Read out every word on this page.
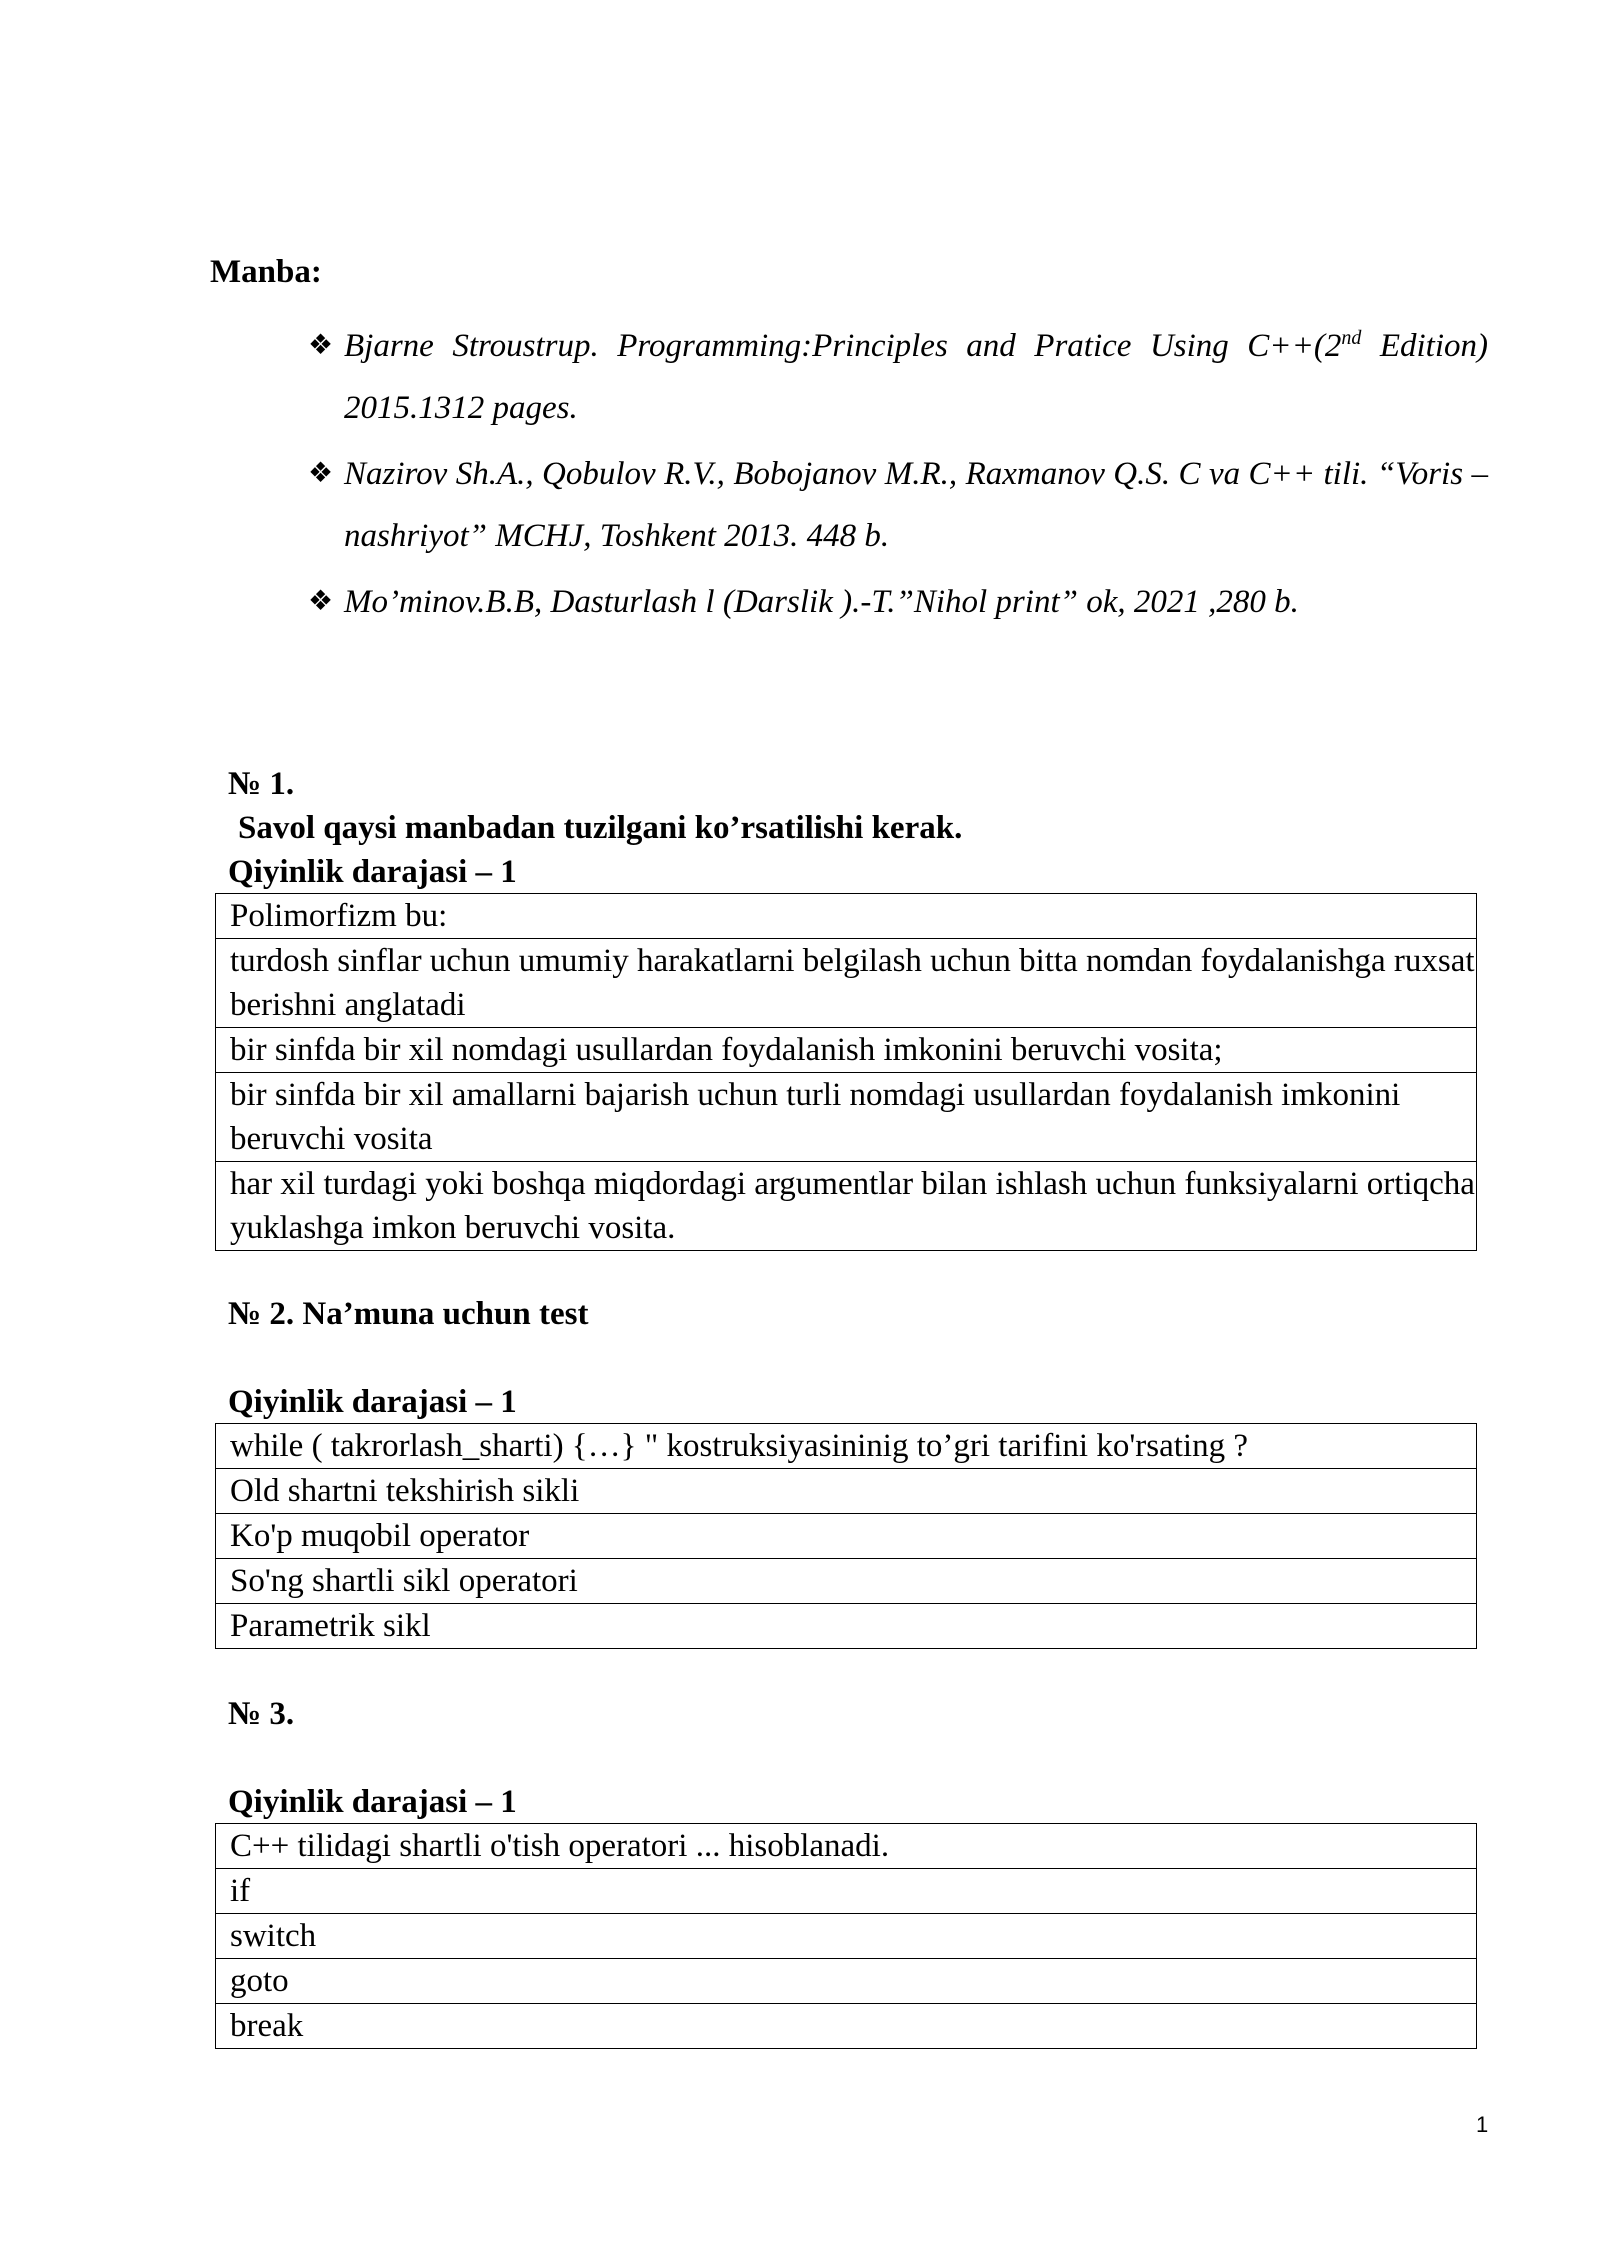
Manba:
❖ Bjarne Stroustrup. Programming:Principles and Pratice Using C++(2nd Edition) 2015.1312 pages.
❖ Nazirov Sh.A., Qobulov R.V., Bobojanov M.R., Raxmanov Q.S. C va C++ tili. “Voris – nashriyot” MCHJ, Toshkent 2013. 448 b.
❖ Mo’minov.B.B, Dasturlash l (Darslik ).-T.”Nihol print” ok, 2021 ,280 b.
№ 1.
Savol qaysi manbadan tuzilgani ko’rsatilishi kerak.
Qiyinlik darajasi – 1
Polimorfizm bu:
turdosh sinflar uchun umumiy harakatlarni belgilash uchun bitta nomdan foydalanishga ruxsat berishni anglatadi
bir sinfda bir xil nomdagi usullardan foydalanish imkonini beruvchi vosita;
bir sinfda bir xil amallarni bajarish uchun turli nomdagi usullardan foydalanish imkonini beruvchi vosita
har xil turdagi yoki boshqa miqdordagi argumentlar bilan ishlash uchun funksiyalarni ortiqcha yuklashga imkon beruvchi vosita.
№ 2. Na’muna uchun test
Qiyinlik darajasi – 1
while ( takrorlash_sharti) {…} " kostruksiyasininig to’gri tarifini ko'rsating ?
Old shartni tekshirish sikli
Ko'p muqobil operator
So'ng shartli sikl operatori
Parametrik sikl
№ 3.
Qiyinlik darajasi – 1
C++ tilidagi shartli o'tish operatori ... hisoblanadi.
if
switch
goto
break
1
